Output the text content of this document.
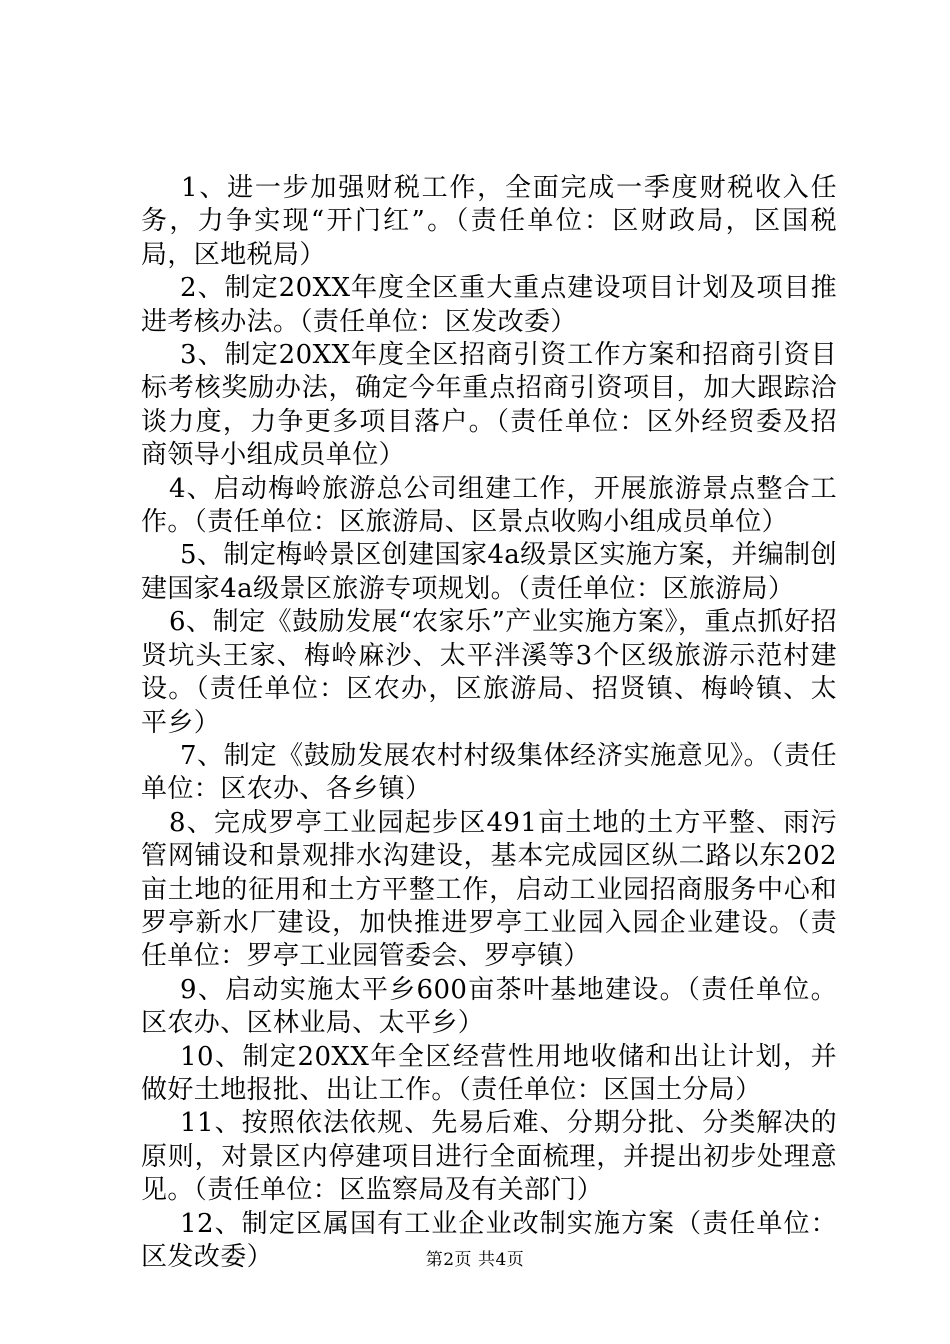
1、进一步加强财税工作，全面完成一季度财税收入任务，力争实现“开门红”。（责任单位：区财政局，区国税局，区地税局）

2、制定20XX年度全区重大重点建设项目计划及项目推进考核办法。（责任单位：区发改委）

3、制定20XX年度全区招商引资工作方案和招商引资目标考核奖励办法，确定今年重点招商引资项目，加大跟踪洽谈力度，力争更多项目落户。（责任单位：区外经贸委及招商领导小组成员单位）

4、启动梅岭旅游总公司组建工作，开展旅游景点整合工作。（责任单位：区旅游局、区景点收购小组成员单位）

5、制定梅岭景区创建国家4a级景区实施方案，并编制创建国家4a级景区旅游专项规划。（责任单位：区旅游局）

6、制定《鼓励发展“农家乐”产业实施方案》，重点抓好招贤坑头王家、梅岭麻沙、太平泮溪等3个区级旅游示范村建设。（责任单位：区农办，区旅游局、招贤镇、梅岭镇、太平乡）

7、制定《鼓励发展农村村级集体经济实施意见》。（责任单位：区农办、各乡镇）

8、完成罗亭工业园起步区491亩土地的土方平整、雨污管网铺设和景观排水沟建设，基本完成园区纵二路以东202亩土地的征用和土方平整工作，启动工业园招商服务中心和罗亭新水厂建设，加快推进罗亭工业园入园企业建设。（责任单位：罗亭工业园管委会、罗亭镇）

9、启动实施太平乡600亩茶叶基地建设。（责任单位。区农办、区林业局、太平乡）

10、制定20XX年全区经营性用地收储和出让计划，并做好土地报批、出让工作。（责任单位：区国土分局）

11、按照依法依规、先易后难、分期分批、分类解决的原则，对景区内停建项目进行全面梳理，并提出初步处理意见。（责任单位：区监察局及有关部门）

12、制定区属国有工业企业改制实施方案（责任单位：区发改委）	第2页 共4页
